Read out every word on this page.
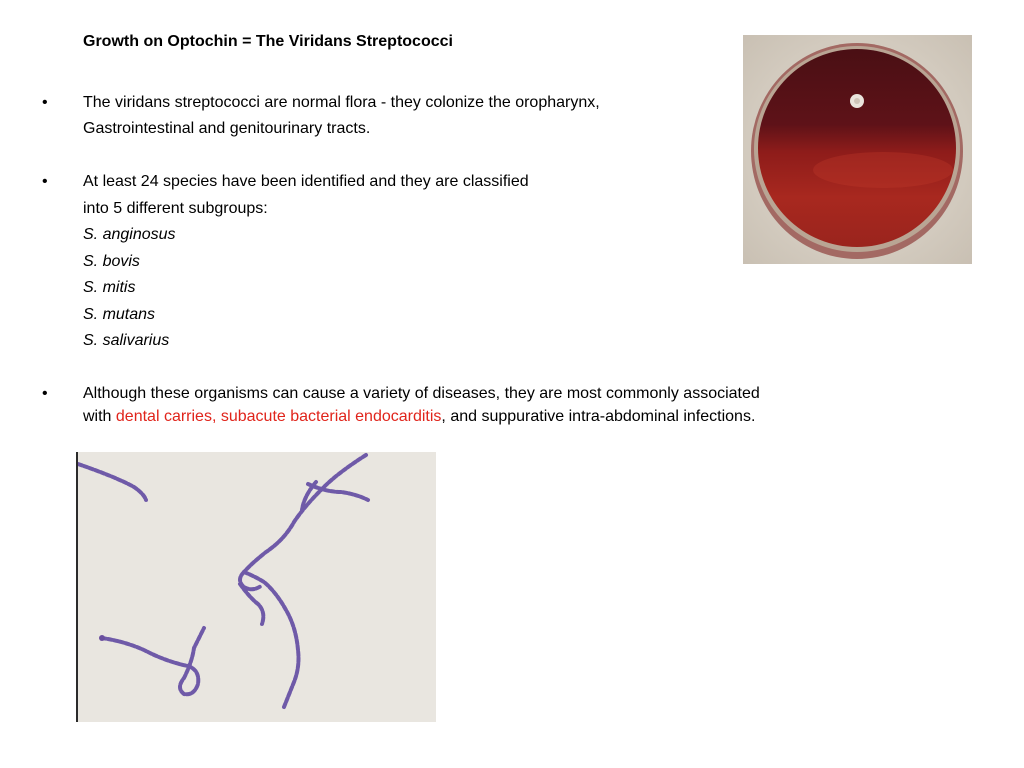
Growth on Optochin = The Viridans Streptococci
• The viridans streptococci are normal flora - they colonize the oropharynx,
Gastrointestinal and genitourinary tracts.
• At least 24 species have been identified and they are classified
into 5 different subgroups:
S. anginosus
S. bovis
S. mitis
S. mutans
S. salivarius
• Although these organisms can cause a variety of diseases, they are most commonly associated
with dental carries, subacute bacterial endocarditis, and suppurative intra-abdominal infections.
